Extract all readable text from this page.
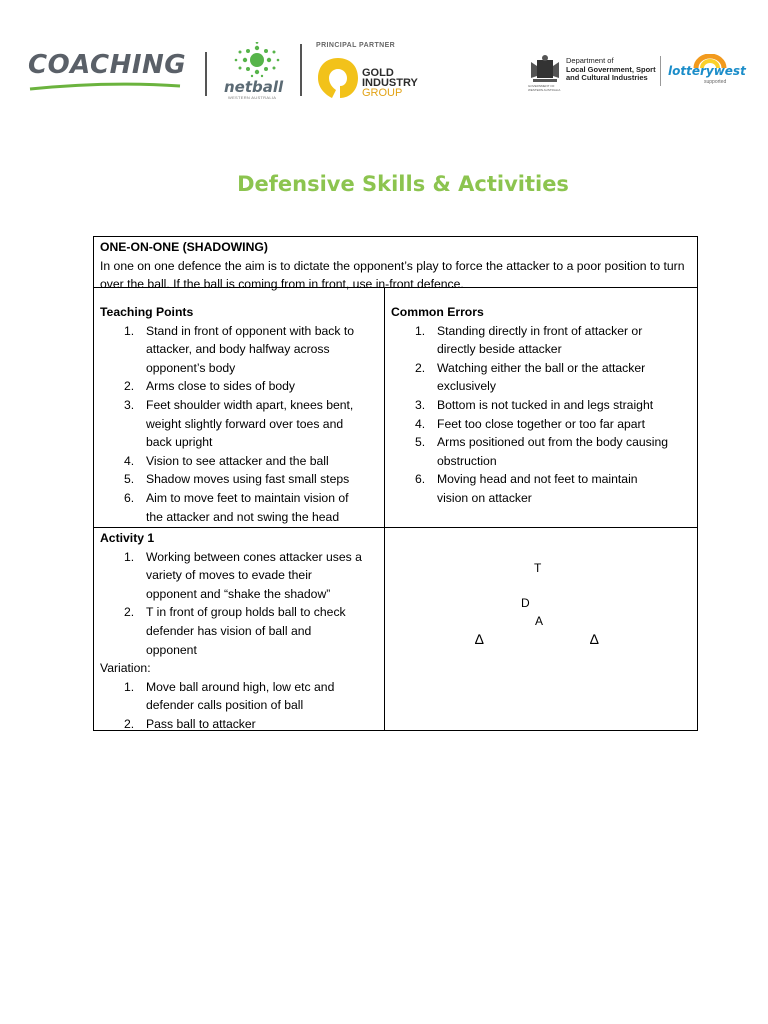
COACHING
netball
WESTERN AUSTRALIA
PRINCIPAL PARTNER
GOLD
INDUSTRY
GROUP
GOVERNMENT OF WESTERN AUSTRALIA
Department of
Local Government, Sport
and Cultural Industries	lotterywest
supported
Defensive Skills & Activities
ONE-ON-ONE (SHADOWING)
In one on one defence the aim is to dictate the opponent’s play to force the attacker to a poor position to turn over the ball. If the ball is coming from in front, use in-front defence.
Teaching Points
1. Stand in front of opponent with back to
attacker, and body halfway across
opponent’s body
2. Arms close to sides of body
3. Feet shoulder width apart, knees bent,
weight slightly forward over toes and
back upright
4. Vision to see attacker and the ball
5. Shadow moves using fast small steps
6. Aim to move feet to maintain vision of
the attacker and not swing the head
Common Errors
1. Standing directly in front of attacker or
directly beside attacker
2. Watching either the ball or the attacker
exclusively
3. Bottom is not tucked in and legs straight
4. Feet too close together or too far apart
5. Arms positioned out from the body causing
obstruction
6. Moving head and not feet to maintain
vision on attacker
Activity 1
1. Working between cones attacker uses a
variety of moves to evade their
opponent and “shake the shadow”
2. T in front of group holds ball to check
defender has vision of ball and
opponent
Variation:
1. Move ball around high, low etc and
defender calls position of ball
2. Pass ball to attacker
T
D
A
∆	∆
